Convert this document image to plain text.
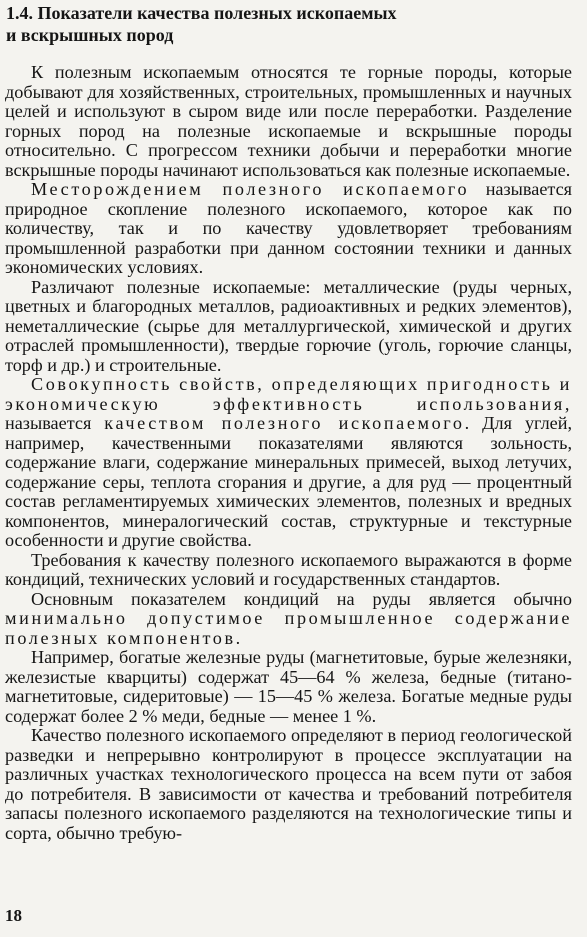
1.4. Показатели качества полезных ископаемых
и вскрышных пород

К полезным ископаемым относятся те горные породы, которые добывают для хозяйственных, строительных, промышленных и научных целей и используют в сыром виде или после переработки. Разделение горных пород на полезные ископаемые и вскрышные породы относительно. С прогрессом техники добычи и переработки многие вскрышные породы начинают использоваться как полезные ископаемые.

Месторождением полезного ископаемого называется природное скопление полезного ископаемого, которое как по количеству, так и по качеству удовлетворяет требованиям промышленной разработки при данном состоянии техники и данных экономических условиях.

Различают полезные ископаемые: металлические (руды черных, цветных и благородных металлов, радиоактивных и редких элементов), неметаллические (сырье для металлургической, химической и других отраслей промышленности), твердые горючие (уголь, горючие сланцы, торф и др.) и строительные.

Совокупность свойств, определяющих пригодность и экономическую эффективность использования, называется качеством полезного ископаемого. Для углей, например, качественными показателями являются зольность, содержание влаги, содержание минеральных примесей, выход летучих, содержание серы, теплота сгорания и другие, а для руд — процентный состав регламентируемых химических элементов, полезных и вредных компонентов, минералогический состав, структурные и текстурные особенности и другие свойства.

Требования к качеству полезного ископаемого выражаются в форме кондиций, технических условий и государственных стандартов.

Основным показателем кондиций на руды является обычно минимально допустимое промышленное содержание полезных компонентов.

Например, богатые железные руды (магнетитовые, бурые железняки, железистые кварциты) содержат 45—64 % железа, бедные (титано-магнетитовые, сидеритовые) — 15—45 % железа. Богатые медные руды содержат более 2 % меди, бедные — менее 1 %.

Качество полезного ископаемого определяют в период геологической разведки и непрерывно контролируют в процессе эксплуатации на различных участках технологического процесса на всем пути от забоя до потребителя. В зависимости от качества и требований потребителя запасы полезного ископаемого разделяются на технологические типы и сорта, обычно требую-

18
